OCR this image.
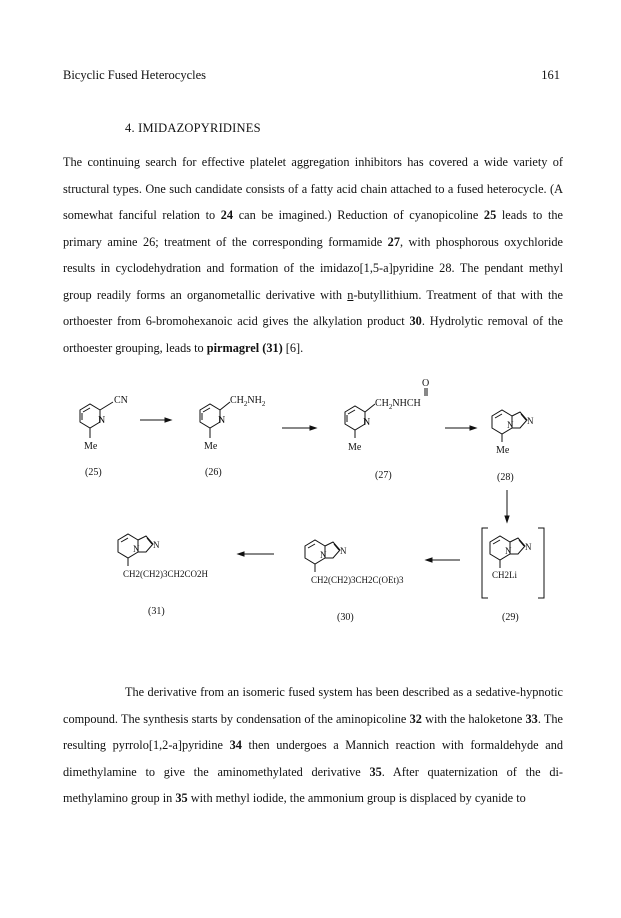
Bicyclic Fused Heterocycles	161
4. IMIDAZOPYRIDINES

The continuing search for effective platelet aggregation inhibitors has covered a wide variety of structural types. One such candidate consists of a fatty acid chain attached to a fused heterocycle. (A somewhat fanciful relation to 24 can be imagined.) Reduction of cyanopicoline 25 leads to the primary amine 26; treatment of the corresponding formamide 27, with phosphorous oxychloride results in cyclodehydration and formation of the imidazo[1,5-a]pyridine 28. The pendant methyl group readily forms an organometallic derivative with n-butyllithium. Treatment of that with the orthoester from 6-bromohexanoic acid gives the alkylation product 30. Hydrolytic removal of the orthoester grouping, leads to pirmagrel (31) [6].

N
CN
Me
N
$CH_2NH_2$
Me
N
$CH_2NHCH$
O
Me
N N
Me
(25)	(26)	(27)	(28)
N N
CH2Li
(29)
N N
CH2(CH2)3CH2C(OEt)3
(30)
N N
CH2(CH2)3CH2CO2H
(31)

The derivative from an isomeric fused system has been described as a sedative-hypnotic compound. The synthesis starts by condensation of the aminopicoline 32 with the haloketone 33. The resulting pyrrolo[1,2-a]pyridine 34 then undergoes a Mannich reaction with formaldehyde and dimethylamine to give the aminomethylated derivative 35. After quaternization of the di-methylamino group in 35 with methyl iodide, the ammonium group is displaced by cyanide to
